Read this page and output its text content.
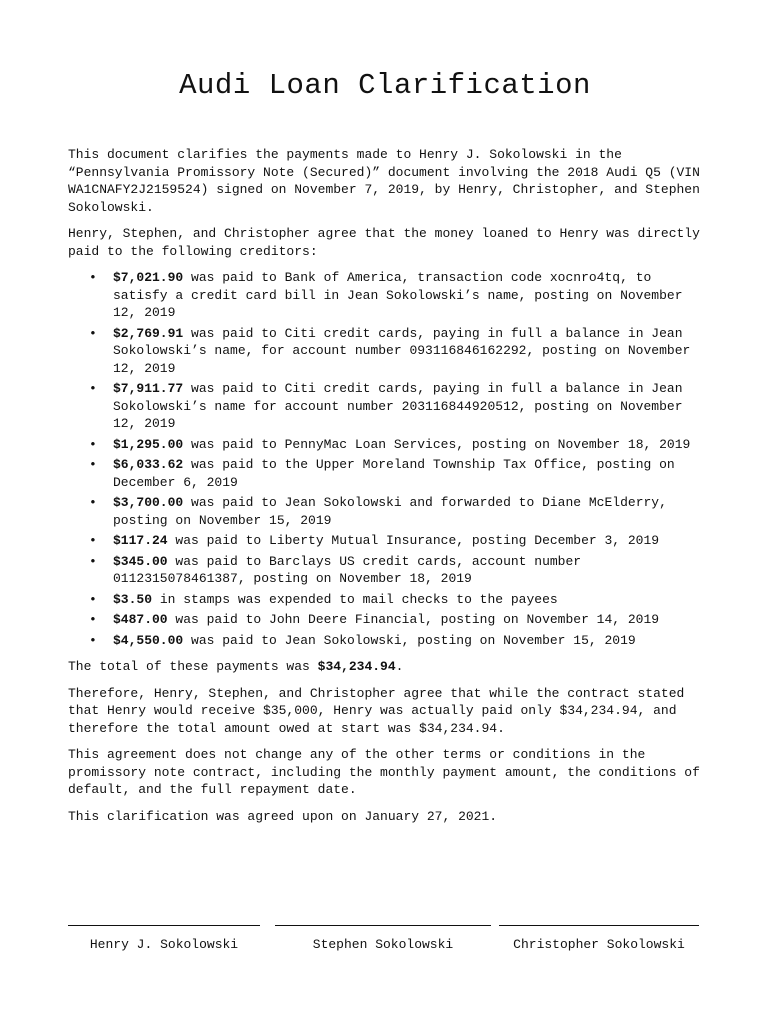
Audi Loan Clarification

This document clarifies the payments made to Henry J. Sokolowski in the “Pennsylvania Promissory Note (Secured)” document involving the 2018 Audi Q5 (VIN WA1CNAFY2J2159524) signed on November 7, 2019, by Henry, Christopher, and Stephen Sokolowski.

Henry, Stephen, and Christopher agree that the money loaned to Henry was directly paid to the following creditors:

• $7,021.90 was paid to Bank of America, transaction code xocnro4tq, to satisfy a credit card bill in Jean Sokolowski’s name, posting on November 12, 2019
• $2,769.91 was paid to Citi credit cards, paying in full a balance in Jean Sokolowski’s name, for account number 093116846162292, posting on November 12, 2019
• $7,911.77 was paid to Citi credit cards, paying in full a balance in Jean Sokolowski’s name for account number 203116844920512, posting on November 12, 2019
• $1,295.00 was paid to PennyMac Loan Services, posting on November 18, 2019
• $6,033.62 was paid to the Upper Moreland Township Tax Office, posting on December 6, 2019
• $3,700.00 was paid to Jean Sokolowski and forwarded to Diane McElderry, posting on November 15, 2019
• $117.24 was paid to Liberty Mutual Insurance, posting December 3, 2019
• $345.00 was paid to Barclays US credit cards, account number 0112315078461387, posting on November 18, 2019
• $3.50 in stamps was expended to mail checks to the payees
• $487.00 was paid to John Deere Financial, posting on November 14, 2019
• $4,550.00 was paid to Jean Sokolowski, posting on November 15, 2019

The total of these payments was $34,234.94.

Therefore, Henry, Stephen, and Christopher agree that while the contract stated that Henry would receive $35,000, Henry was actually paid only $34,234.94, and therefore the total amount owed at start was $34,234.94.

This agreement does not change any of the other terms or conditions in the promissory note contract, including the monthly payment amount, the conditions of default, and the full repayment date.

This clarification was agreed upon on January 27, 2021.

Henry J. Sokolowski	Stephen Sokolowski	Christopher Sokolowski
